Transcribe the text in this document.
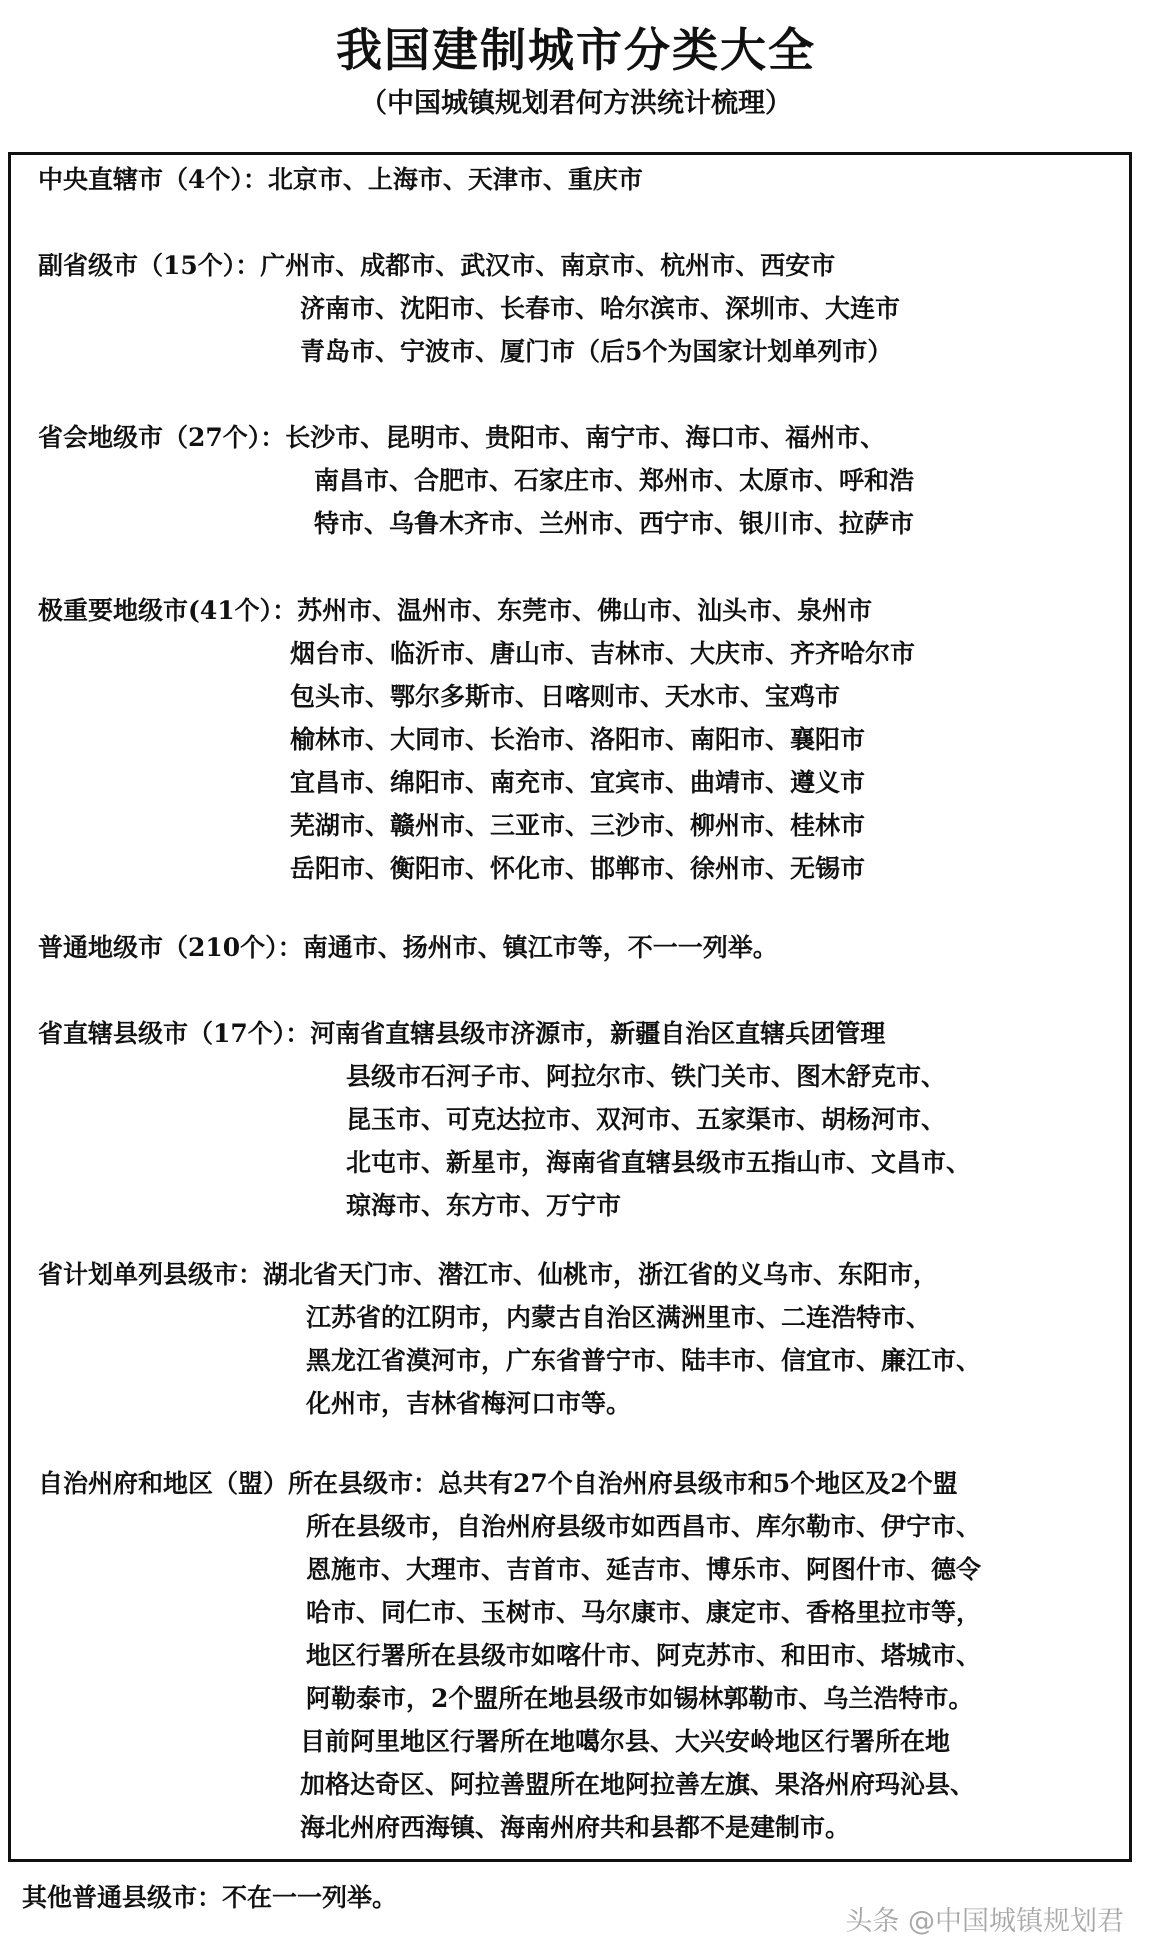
我国建制城市分类大全
（中国城镇规划君何方洪统计梳理）
中央直辖市（4个）：北京市、上海市、天津市、重庆市
副省级市（15个）：广州市、成都市、武汉市、南京市、杭州市、西安市
济南市、沈阳市、长春市、哈尔滨市、深圳市、大连市
青岛市、宁波市、厦门市（后5个为国家计划单列市）
省会地级市（27个）：长沙市、昆明市、贵阳市、南宁市、海口市、福州市、
南昌市、合肥市、石家庄市、郑州市、太原市、呼和浩
特市、乌鲁木齐市、兰州市、西宁市、银川市、拉萨市
极重要地级市(41个）：苏州市、温州市、东莞市、佛山市、汕头市、泉州市
烟台市、临沂市、唐山市、吉林市、大庆市、齐齐哈尔市
包头市、鄂尔多斯市、日喀则市、天水市、宝鸡市
榆林市、大同市、长治市、洛阳市、南阳市、襄阳市
宜昌市、绵阳市、南充市、宜宾市、曲靖市、遵义市
芜湖市、赣州市、三亚市、三沙市、柳州市、桂林市
岳阳市、衡阳市、怀化市、邯郸市、徐州市、无锡市
普通地级市（210个）：南通市、扬州市、镇江市等，不一一列举。
省直辖县级市（17个）：河南省直辖县级市济源市，新疆自治区直辖兵团管理
县级市石河子市、阿拉尔市、铁门关市、图木舒克市、
昆玉市、可克达拉市、双河市、五家渠市、胡杨河市、
北屯市、新星市，海南省直辖县级市五指山市、文昌市、
琼海市、东方市、万宁市
省计划单列县级市：湖北省天门市、潜江市、仙桃市，浙江省的义乌市、东阳市，
江苏省的江阴市，内蒙古自治区满洲里市、二连浩特市、
黑龙江省漠河市，广东省普宁市、陆丰市、信宜市、廉江市、
化州市，吉林省梅河口市等。
自治州府和地区（盟）所在县级市：总共有27个自治州府县级市和5个地区及2个盟
所在县级市，自治州府县级市如西昌市、库尔勒市、伊宁市、
恩施市、大理市、吉首市、延吉市、博乐市、阿图什市、德令
哈市、同仁市、玉树市、马尔康市、康定市、香格里拉市等，
地区行署所在县级市如喀什市、阿克苏市、和田市、塔城市、
阿勒泰市，2个盟所在地县级市如锡林郭勒市、乌兰浩特市。
目前阿里地区行署所在地噶尔县、大兴安岭地区行署所在地
加格达奇区、阿拉善盟所在地阿拉善左旗、果洛州府玛沁县、
海北州府西海镇、海南州府共和县都不是建制市。
其他普通县级市：不在一一列举。
头条 @中国城镇规划君
